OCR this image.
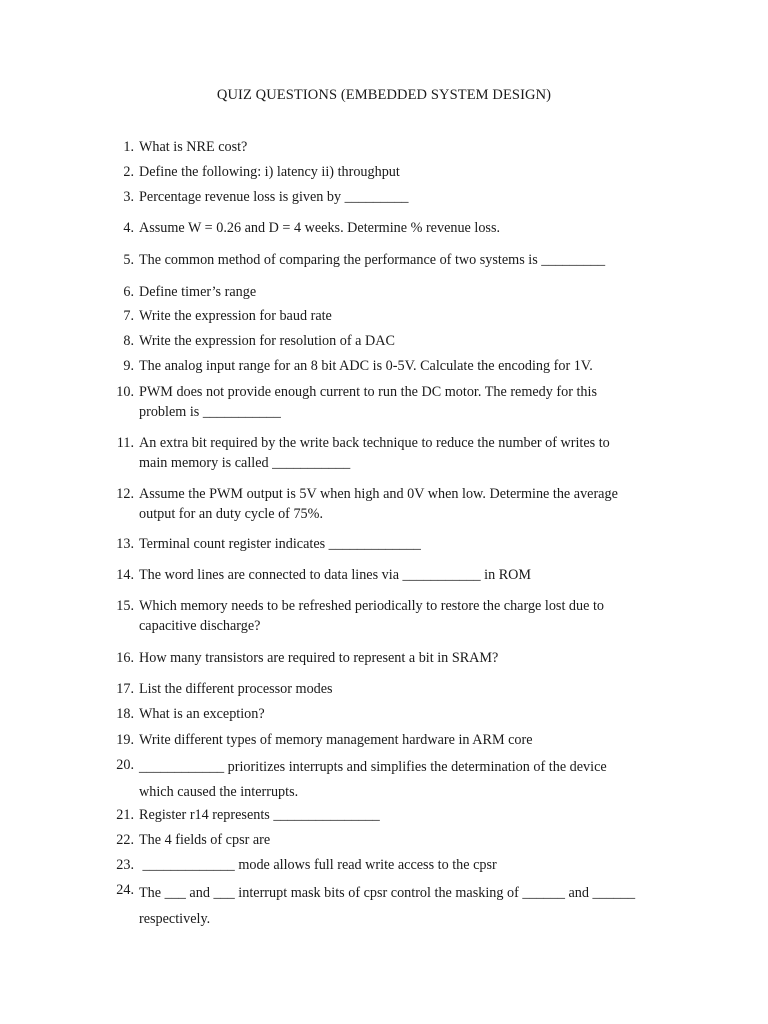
QUIZ QUESTIONS (EMBEDDED SYSTEM DESIGN)
1. What is NRE cost?
2. Define the following: i) latency ii) throughput
3. Percentage revenue loss is given by _________
4. Assume W = 0.26 and D = 4 weeks. Determine % revenue loss.
5. The common method of comparing the performance of two systems is _________
6. Define timer’s range
7. Write the expression for baud rate
8. Write the expression for resolution of a DAC
9. The analog input range for an 8 bit ADC is 0-5V. Calculate the encoding for 1V.
10. PWM does not provide enough current to run the DC motor. The remedy for this
problem is ___________
11. An extra bit required by the write back technique to reduce the number of writes to
main memory is called ___________
12. Assume the PWM output is 5V when high and 0V when low. Determine the average
output for an duty cycle of 75%.
13. Terminal count register indicates _____________
14. The word lines are connected to data lines via ___________ in ROM
15. Which memory needs to be refreshed periodically to restore the charge lost due to
capacitive discharge?
16. How many transistors are required to represent a bit in SRAM?
17. List the different processor modes
18. What is an exception?
19. Write different types of memory management hardware in ARM core
20. ____________ prioritizes interrupts and simplifies the determination of the device
which caused the interrupts.
21. Register r14 represents _______________
22. The 4 fields of cpsr are
23. _____________ mode allows full read write access to the cpsr
24. The ___ and ___ interrupt mask bits of cpsr control the masking of ______ and ______
respectively.
